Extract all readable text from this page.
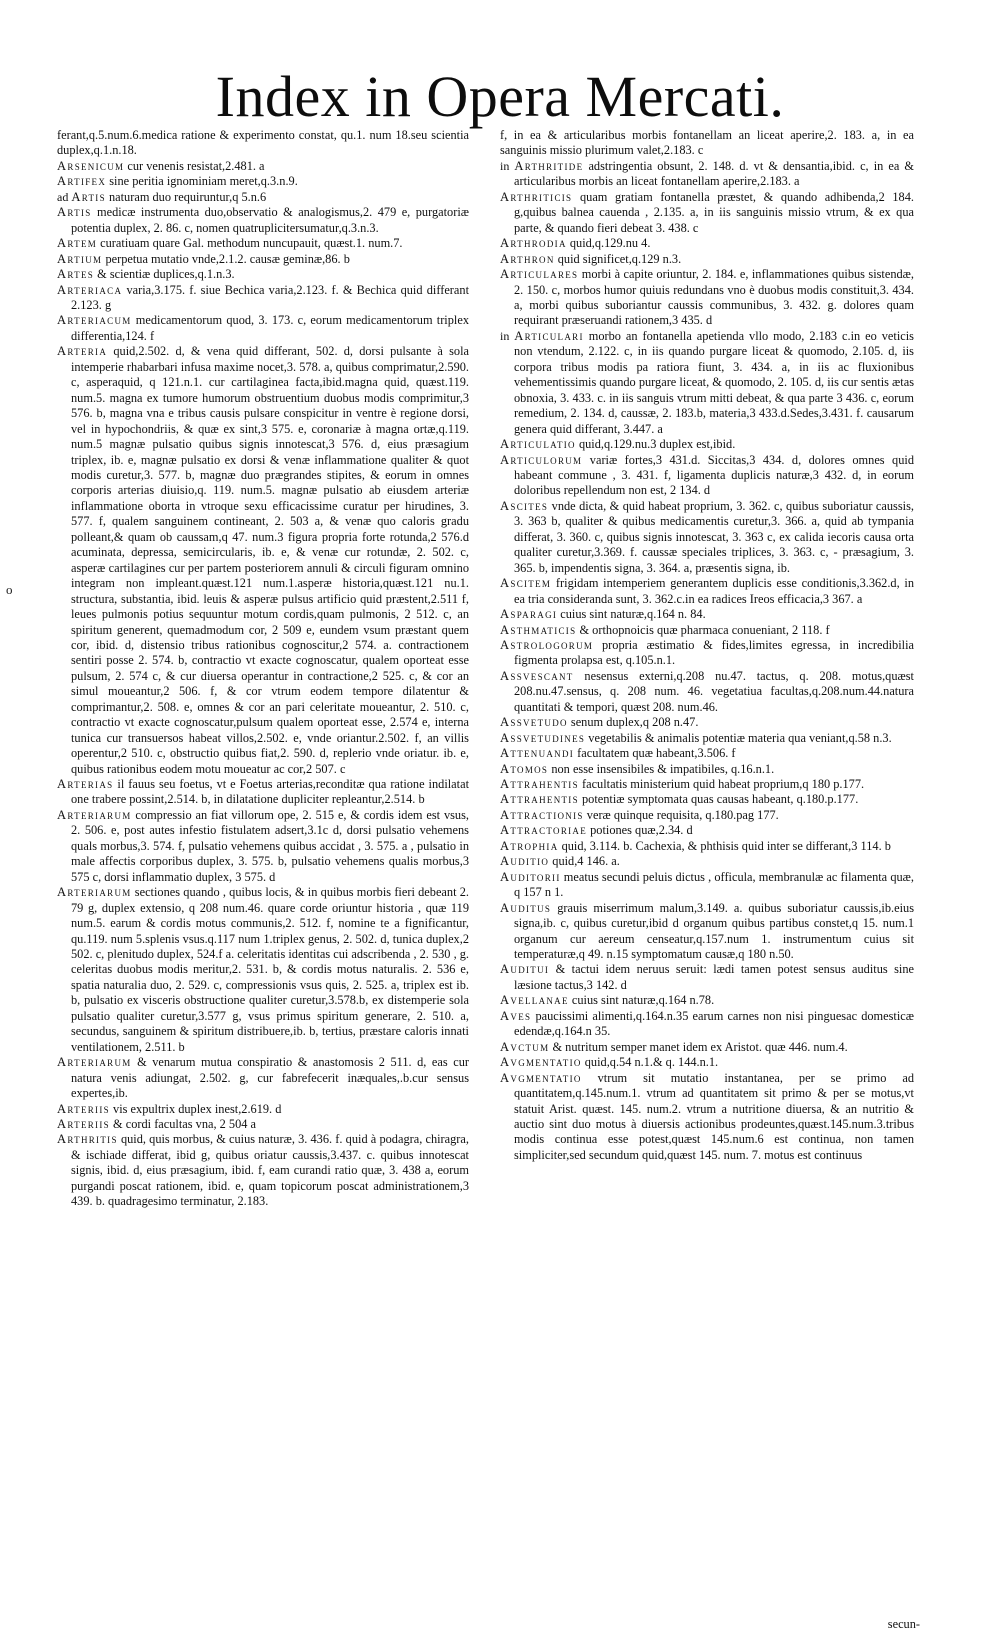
Index in Opera Mercati.
o

ferant,q.5.num.6.medica ratione & experimento constat, qu.1. num 18.seu scientia duplex,q.1.n.18.

Arsenicum cur venenis resistat,2.481. a

Artifex sine peritia ignominiam meret,q.3.n.9.

ad Artis naturam duo requiruntur,q 5.n.6

Artis medicæ instrumenta duo,observatio & analogismus,2. 479 e, purgatoriæ potentia duplex, 2. 86. c, nomen quatruplicitersumatur,q.3.n.3.

Artem curatiuam quare Gal. methodum nuncupauit, quæst.1. num.7.

Artium perpetua mutatio vnde,2.1.2. causæ geminæ,86. b

Artes & scientiæ duplices,q.1.n.3.

Arteriaca varia,3.175. f. siue Bechica varia,2.123. f. & Bechica quid differant 2.123. g

Arteriacum medicamentorum quod, 3. 173. c, eorum medicamentorum triplex differentia,124. f

Arteria quid,2.502. d, & vena quid differant, 502. d, dorsi pulsante à sola intemperie rhabarbari infusa maxime nocet,3. 578. a, quibus comprimatur,2.590. c, asperaquid, q 121.n.1. cur cartilaginea facta,ibid.magna quid, quæst.119. num.5. magna ex tumore humorum obstruentium duobus modis comprimitur,3 576. b, magna vna e tribus causis pulsare conspicitur in ventre è regione dorsi, vel in hypochondriis, & quæ ex sint,3 575. e, coronariæ à magna ortæ,q.119. num.5 magnæ pulsatio quibus signis innotescat,3 576. d, eius præsagium triplex, ib. e, magnæ pulsatio ex dorsi & venæ inflammatione qualiter & quot modis curetur,3. 577. b, magnæ duo prægrandes stipites, & eorum in omnes corporis arterias diuisio,q. 119. num.5. magnæ pulsatio ab eiusdem arteriæ inflammatione oborta in vtroque sexu efficacissime curatur per hirudines, 3. 577. f, qualem sanguinem contineant, 2. 503 a, & venæ quo caloris gradu polleant,& quam ob caussam,q 47. num.3 figura propria forte rotunda,2 576.d acuminata, depressa, semicircularis, ib. e, & venæ cur rotundæ, 2. 502. c, asperæ cartilagines cur per partem posteriorem annuli & circuli figuram omnino integram non impleant.quæst.121 num.1.asperæ historia,quæst.121 nu.1. structura, substantia, ibid. leuis & asperæ pulsus artificio quid præstent,2.511 f, leues pulmonis potius sequuntur motum cordis,quam pulmonis, 2 512. c, an spiritum generent, quemadmodum cor, 2 509 e, eundem vsum præstant quem cor, ibid. d, distensio tribus rationibus cognoscitur,2 574. a. contractionem sentiri posse 2. 574. b, contractio vt exacte cognoscatur, qualem oporteat esse pulsum, 2. 574 c, & cur diuersa operantur in contractione,2 525. c, & cor an simul moueantur,2 506. f, & cor vtrum eodem tempore dilatentur & comprimantur,2. 508. e, omnes & cor an pari celeritate moueantur, 2. 510. c, contractio vt exacte cognoscatur,pulsum qualem oporteat esse, 2.574 e, interna tunica cur transuersos habeat villos,2.502. e, vnde oriantur.2.502. f, an villis operentur,2 510. c, obstructio quibus fiat,2. 590. d, replerio vnde oriatur. ib. e, quibus rationibus eodem motu moueatur ac cor,2 507. c

Arterias il fauus seu foetus, vt e Foetus arterias,reconditæ qua ratione indilatat one trabere possint,2.514. b, in dilatatione dupliciter repleantur,2.514. b

Arteriarum compressio an fiat villorum ope, 2. 515 e, & cordis idem est vsus, 2. 506. e, post autes infestio fistulatem adsert,3.1c d, dorsi pulsatio vehemens quals morbus,3. 574. f, pulsatio vehemens quibus accidat , 3. 575. a , pulsatio in male affectis corporibus duplex, 3. 575. b, pulsatio vehemens qualis morbus,3 575 c, dorsi inflammatio duplex, 3 575. d

Arteriarum sectiones quando , quibus locis, & in quibus morbis fieri debeant 2. 79 g, duplex extensio, q 208 num.46. quare corde oriuntur historia , quæ 119 num.5. earum & cordis motus communis,2. 512. f, nomine te a fignificantur, qu.119. num 5.splenis vsus.q.117 num 1.triplex genus, 2. 502. d, tunica duplex,2 502. c, plenitudo duplex, 524.f a. celeritatis identitas cui adscribenda , 2. 530 , g. celeritas duobus modis meritur,2. 531. b, & cordis motus naturalis. 2. 536 e, spatia naturalia duo, 2. 529. c, compressionis vsus quis, 2. 525. a, triplex est ib. b, pulsatio ex visceris obstructione qualiter curetur,3.578.b, ex distemperie sola pulsatio qualiter curetur,3.577 g, vsus primus spiritum generare, 2. 510. a, secundus, sanguinem & spiritum distribuere,ib. b, tertius, præstare caloris innati ventilationem, 2.511. b

Arteriarum & venarum mutua conspiratio & anastomosis 2 511. d, eas cur natura venis adiungat, 2.502. g, cur fabrefecerit inæquales,.b.cur sensus expertes,ib.

Arteriis vis expultrix duplex inest,2.619. d

Arteriis & cordi facultas vna, 2 504 a

Arthritis quid, quis morbus, & cuius naturæ, 3. 436. f. quid à podagra, chiragra, & ischiade differat, ibid g, quibus oriatur caussis,3.437. c. quibus innotescat signis, ibid. d, eius præsagium, ibid. f, eam curandi ratio quæ, 3. 438 a, eorum purgandi poscat rationem, ibid. e, quam topicorum poscat administrationem,3 439. b. quadragesimo terminatur, 2.183.

f, in ea & articularibus morbis fontanellam an liceat aperire,2. 183. a, in ea sanguinis missio plurimum valet,2.183. c

in Arthritide adstringentia obsunt, 2. 148. d. vt & densantia,ibid. c, in ea & articularibus morbis an liceat fontanellam aperire,2.183. a

Arthriticis quam gratiam fontanella præstet, & quando adhibenda,2 184. g,quibus balnea cauenda , 2.135. a, in iis sanguinis missio vtrum, & ex qua parte, & quando fieri debeat 3. 438. c

Arthrodia quid,q.129.nu 4.

Arthron quid significet,q.129 n.3.

Articulares morbi à capite oriuntur, 2. 184. e, inflammationes quibus sistendæ, 2. 150. c, morbos humor quiuis redundans vno è duobus modis constituit,3. 434. a, morbi quibus suboriantur caussis communibus, 3. 432. g. dolores quam requirant præseruandi rationem,3 435. d

in Articulari morbo an fontanella apetienda vllo modo, 2.183 c.in eo veticis non vtendum, 2.122. c, in iis quando purgare liceat & quomodo, 2.105. d, iis corpora tribus modis pa ratiora fiunt, 3. 434. a, in iis ac fluxionibus vehementissimis quando purgare liceat, & quomodo, 2. 105. d, iis cur sentis ætas obnoxia, 3. 433. c. in iis sanguis vtrum mitti debeat, & qua parte 3 436. c, eorum remedium, 2. 134. d, caussæ, 2. 183.b, materia,3 433.d.Sedes,3.431. f. causarum genera quid differant, 3.447. a

Articulatio quid,q.129.nu.3 duplex est,ibid.

Articulorum variæ fortes,3 431.d. Siccitas,3 434. d, dolores omnes quid habeant commune , 3. 431. f, ligamenta duplicis naturæ,3 432. d, in eorum doloribus repellendum non est, 2 134. d

Ascites vnde dicta, & quid habeat proprium, 3. 362. c, quibus suboriatur caussis, 3. 363 b, qualiter & quibus medicamentis curetur,3. 366. a, quid ab tympania differat, 3. 360. c, quibus signis innotescat, 3. 363 c, ex calida iecoris causa orta qualiter curetur,3.369. f. caussæ speciales triplices, 3. 363. c, - præsagium, 3. 365. b, impendentis signa, 3. 364. a, præsentis signa, ib.

Ascitem frigidam intemperiem generantem duplicis esse conditionis,3.362.d, in ea tria consideranda sunt, 3. 362.c.in ea radices Ireos efficacia,3 367. a

Asparagi cuius sint naturæ,q.164 n. 84.

Asthmaticis & orthopnoicis quæ pharmaca conueniant, 2 118. f

Astrologorum propria æstimatio & fides,limites egressa, in incredibilia figmenta prolapsa est, q.105.n.1.

Assvescant nesensus externi,q.208 nu.47. tactus, q. 208. motus,quæst 208.nu.47.sensus, q. 208 num. 46. vegetatiua facultas,q.208.num.44.natura quantitati & tempori, quæst 208. num.46.

Assvetudo senum duplex,q 208 n.47.

Assvetudines vegetabilis & animalis potentiæ materia qua veniant,q.58 n.3.

Attenuandi facultatem quæ habeant,3.506. f

Atomos non esse insensibiles & impatibiles, q.16.n.1.

Attrahentis facultatis ministerium quid habeat proprium,q 180 p.177.

Attrahentis potentiæ symptomata quas causas habeant, q.180.p.177.

Attractionis veræ quinque requisita, q.180.pag 177.

Attractoriae potiones quæ,2.34. d

Atrophia quid, 3.114. b. Cachexia, & phthisis quid inter se differant,3 114. b

Auditio quid,4 146. a.

Auditorii meatus secundi peluis dictus , officula, membranulæ ac filamenta quæ, q 157 n 1.

Auditus grauis miserrimum malum,3.149. a. quibus suboriatur caussis,ib.eius signa,ib. c, quibus curetur,ibid d organum quibus partibus constet,q 15. num.1 organum cur aereum censeatur,q.157.num 1. instrumentum cuius sit temperaturæ,q 49. n.15 symptomatum causæ,q 180 n.50.

Auditui & tactui idem neruus seruit: lædi tamen potest sensus auditus sine læsione tactus,3 142. d

Avellanae cuius sint naturæ,q.164 n.78.

Aves paucissimi alimenti,q.164.n.35 earum carnes non nisi pinguesac domesticæ edendæ,q.164.n 35.

Avctum & nutritum semper manet idem ex Aristot. quæ 446. num.4.

Avgmentatio quid,q.54 n.1.& q. 144.n.1.

Avgmentatio vtrum sit mutatio instantanea, per se primo ad quantitatem,q.145.num.1. vtrum ad quantitatem sit primo & per se motus,vt statuit Arist. quæst. 145. num.2. vtrum a nutritione diuersa, & an nutritio & auctio sint duo motus à diuersis actionibus prodeuntes,quæst.145.num.3.tribus modis continua esse potest,quæst 145.num.6 est continua, non tamen simpliciter,sed secundum quid,quæst 145. num. 7. motus est continuus

secun-
